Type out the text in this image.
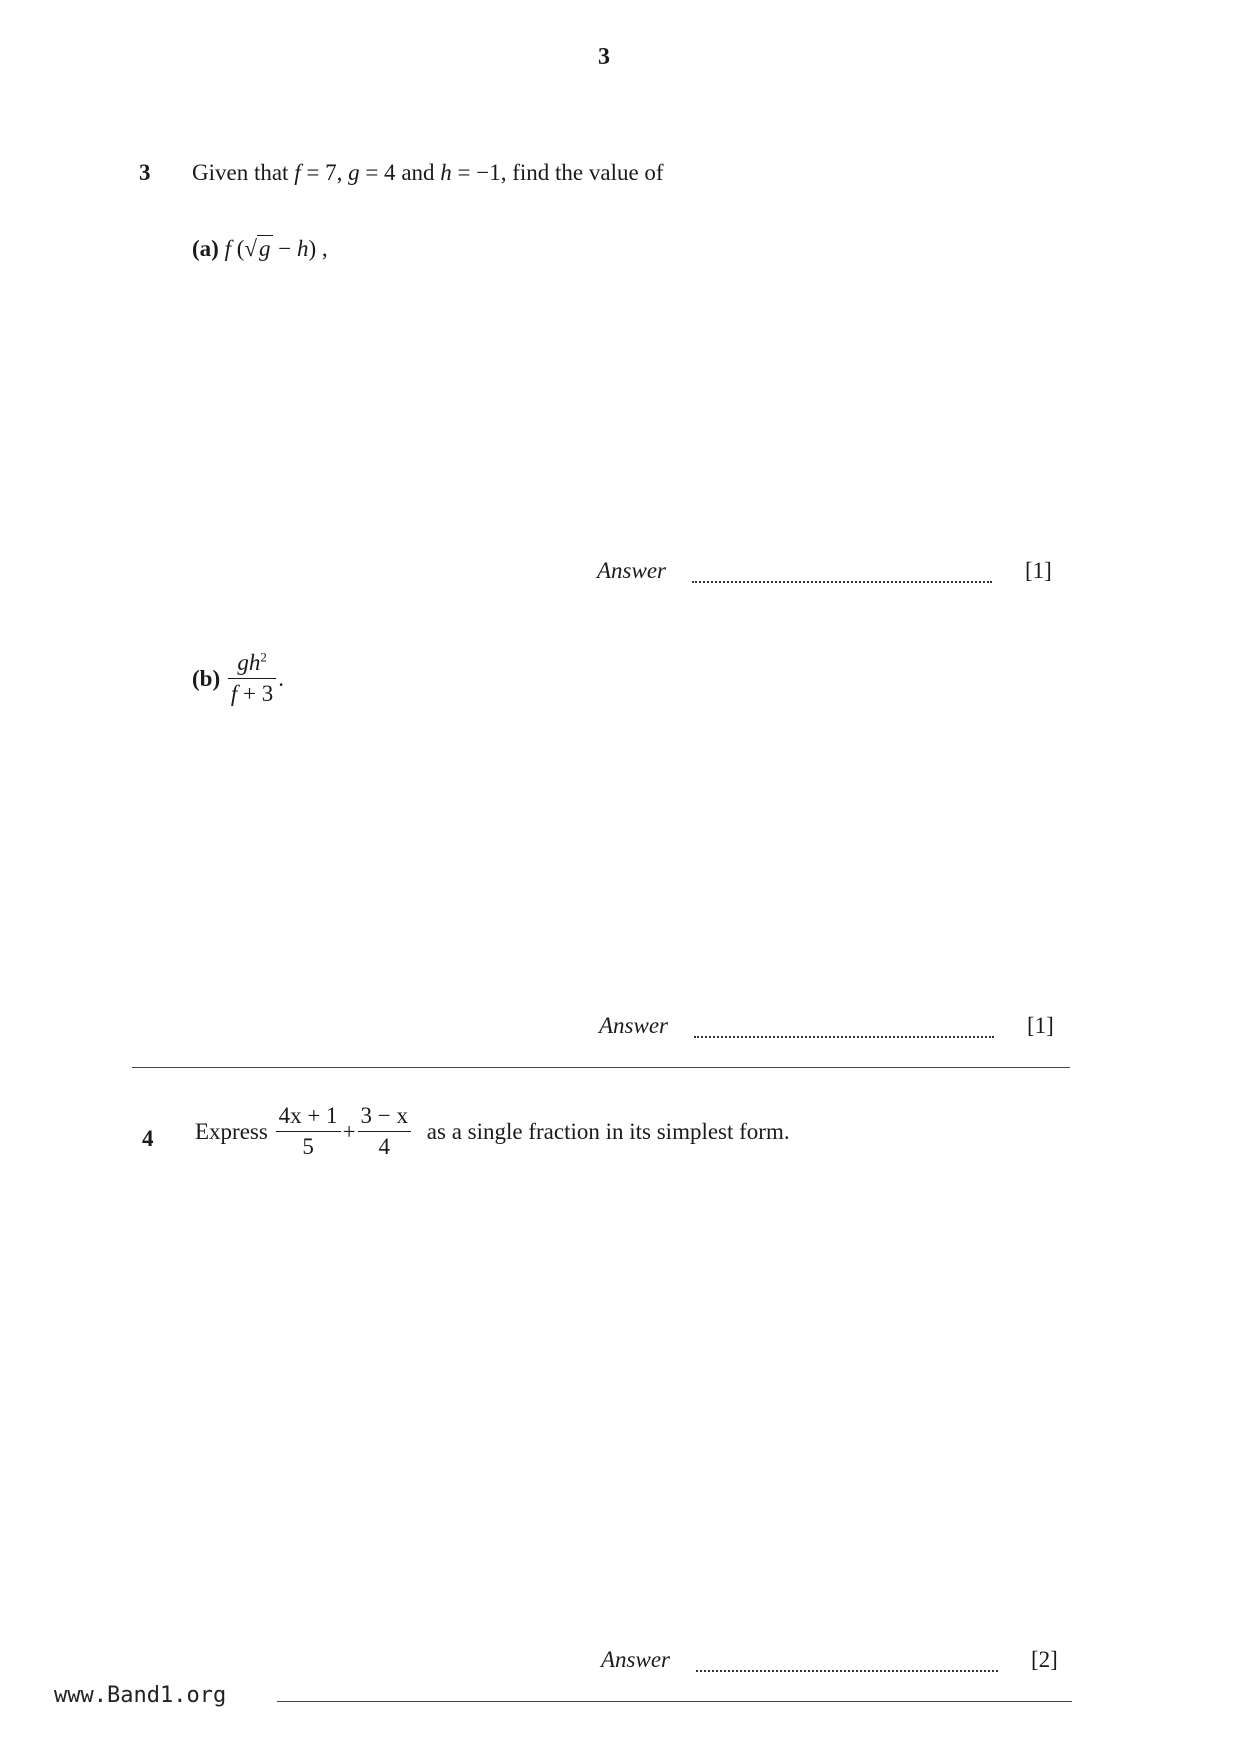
3
3 Given that f = 7, g = 4 and h = −1, find the value of
(a) f (√g − h) ,
Answer	[1]
$(b) \frac{gh^2}{f + 3}$ .
Answer	[1]
4 Express $\frac{4x + 1}{5} + \frac{3 - x}{4}$ as a single fraction in its simplest form.
Answer	[2]
www.Band1.org
